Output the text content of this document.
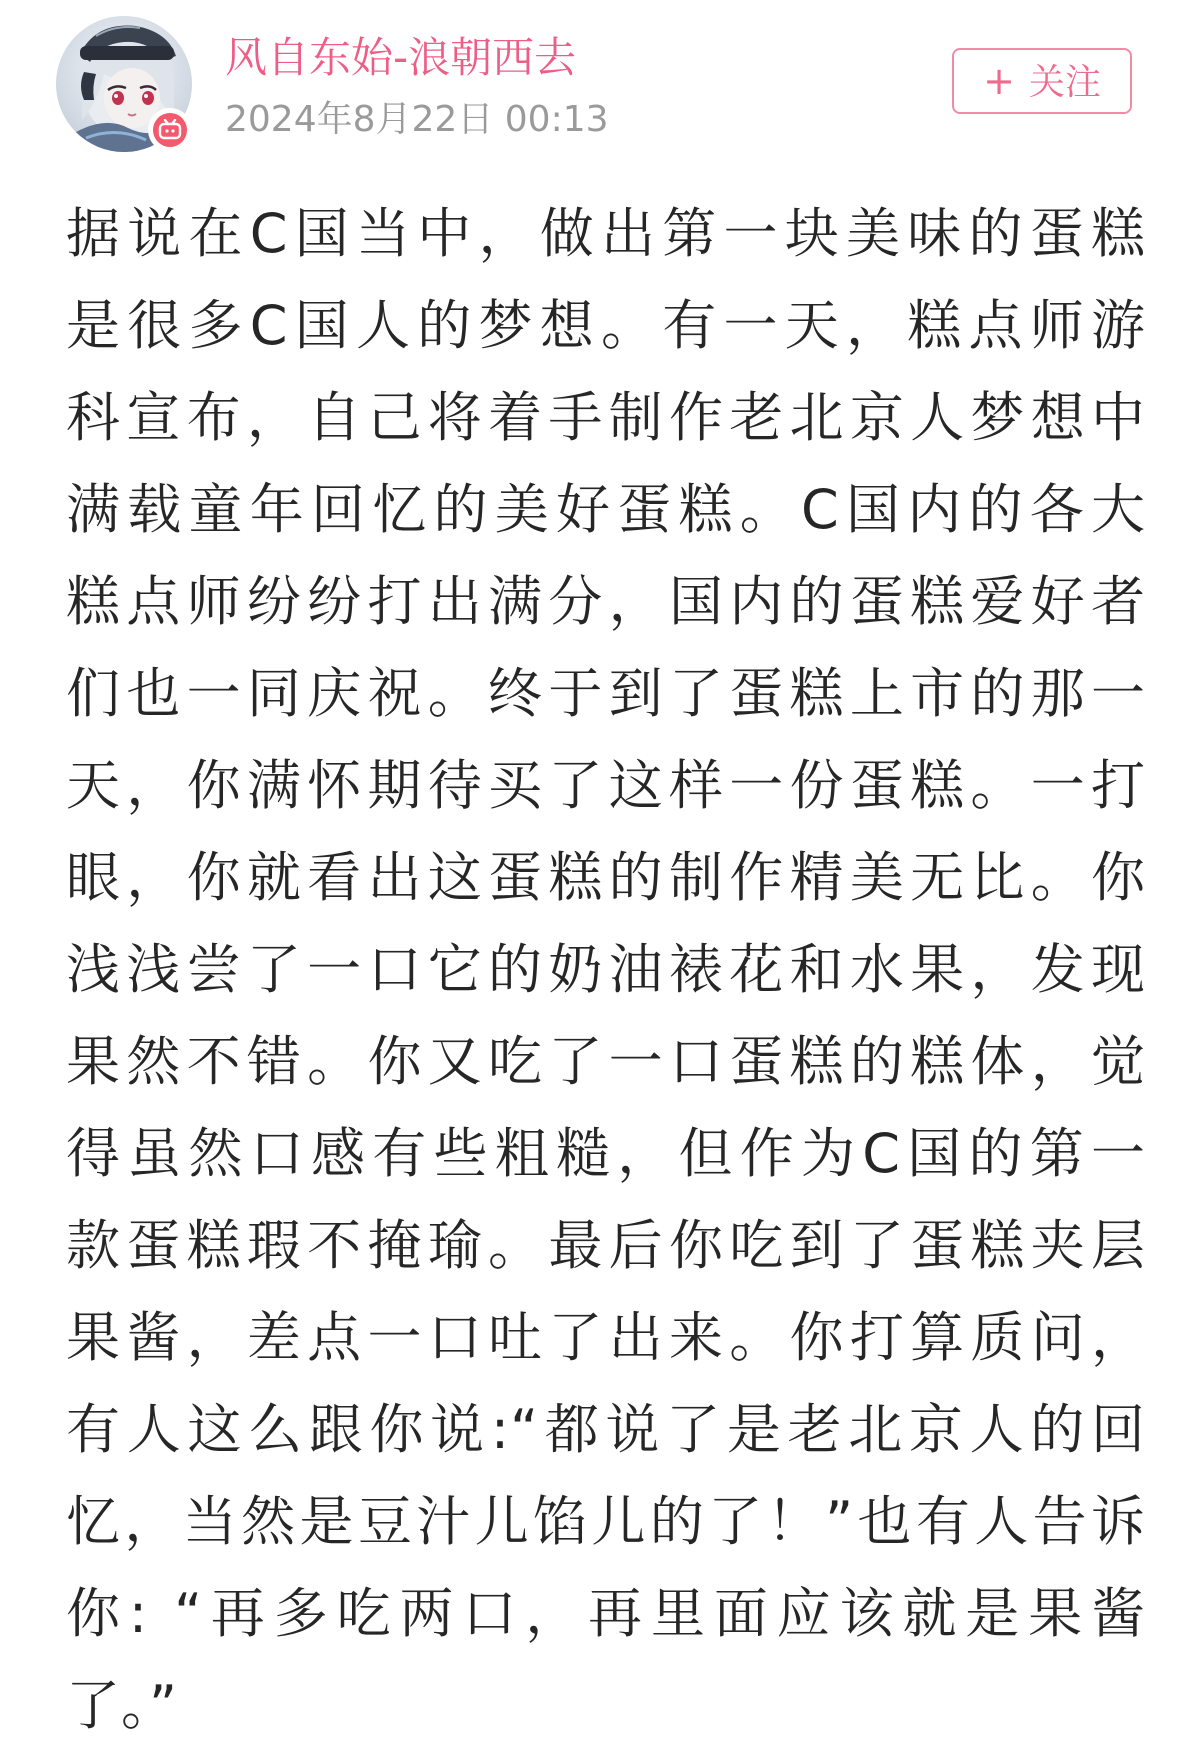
风自东始-浪朝西去
2024年8月22日 00:13
+ 关注
据说在C国当中，做出第一块美味的蛋糕
是很多C国人的梦想。有一天，糕点师游
科宣布，自己将着手制作老北京人梦想中
满载童年回忆的美好蛋糕。C国内的各大
糕点师纷纷打出满分，国内的蛋糕爱好者
们也一同庆祝。终于到了蛋糕上市的那一
天，你满怀期待买了这样一份蛋糕。一打
眼，你就看出这蛋糕的制作精美无比。你
浅浅尝了一口它的奶油裱花和水果，发现
果然不错。你又吃了一口蛋糕的糕体，觉
得虽然口感有些粗糙，但作为C国的第一
款蛋糕瑕不掩瑜。最后你吃到了蛋糕夹层
果酱，差点一口吐了出来。你打算质问，
有人这么跟你说:“都说了是老北京人的回
忆，当然是豆汁儿馅儿的了！”也有人告诉
你: “再多吃两口，再里面应该就是果酱
了。”
